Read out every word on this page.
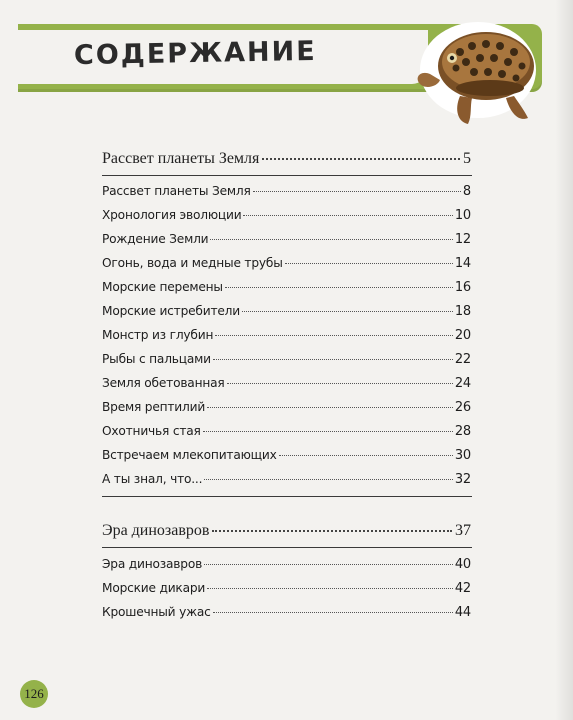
СОДЕРЖАНИЕ
Рассвет планеты Земля	5
Рассвет планеты Земля	8
Хронология эволюции	10
Рождение Земли	12
Огонь, вода и медные трубы	14
Морские перемены	16
Морские истребители	18
Монстр из глубин	20
Рыбы с пальцами	22
Земля обетованная	24
Время рептилий	26
Охотничья стая	28
Встречаем млекопитающих	30
А ты знал, что...	32
Эра динозавров	37
Эра динозавров	40
Морские дикари	42
Крошечный ужас	44
126
